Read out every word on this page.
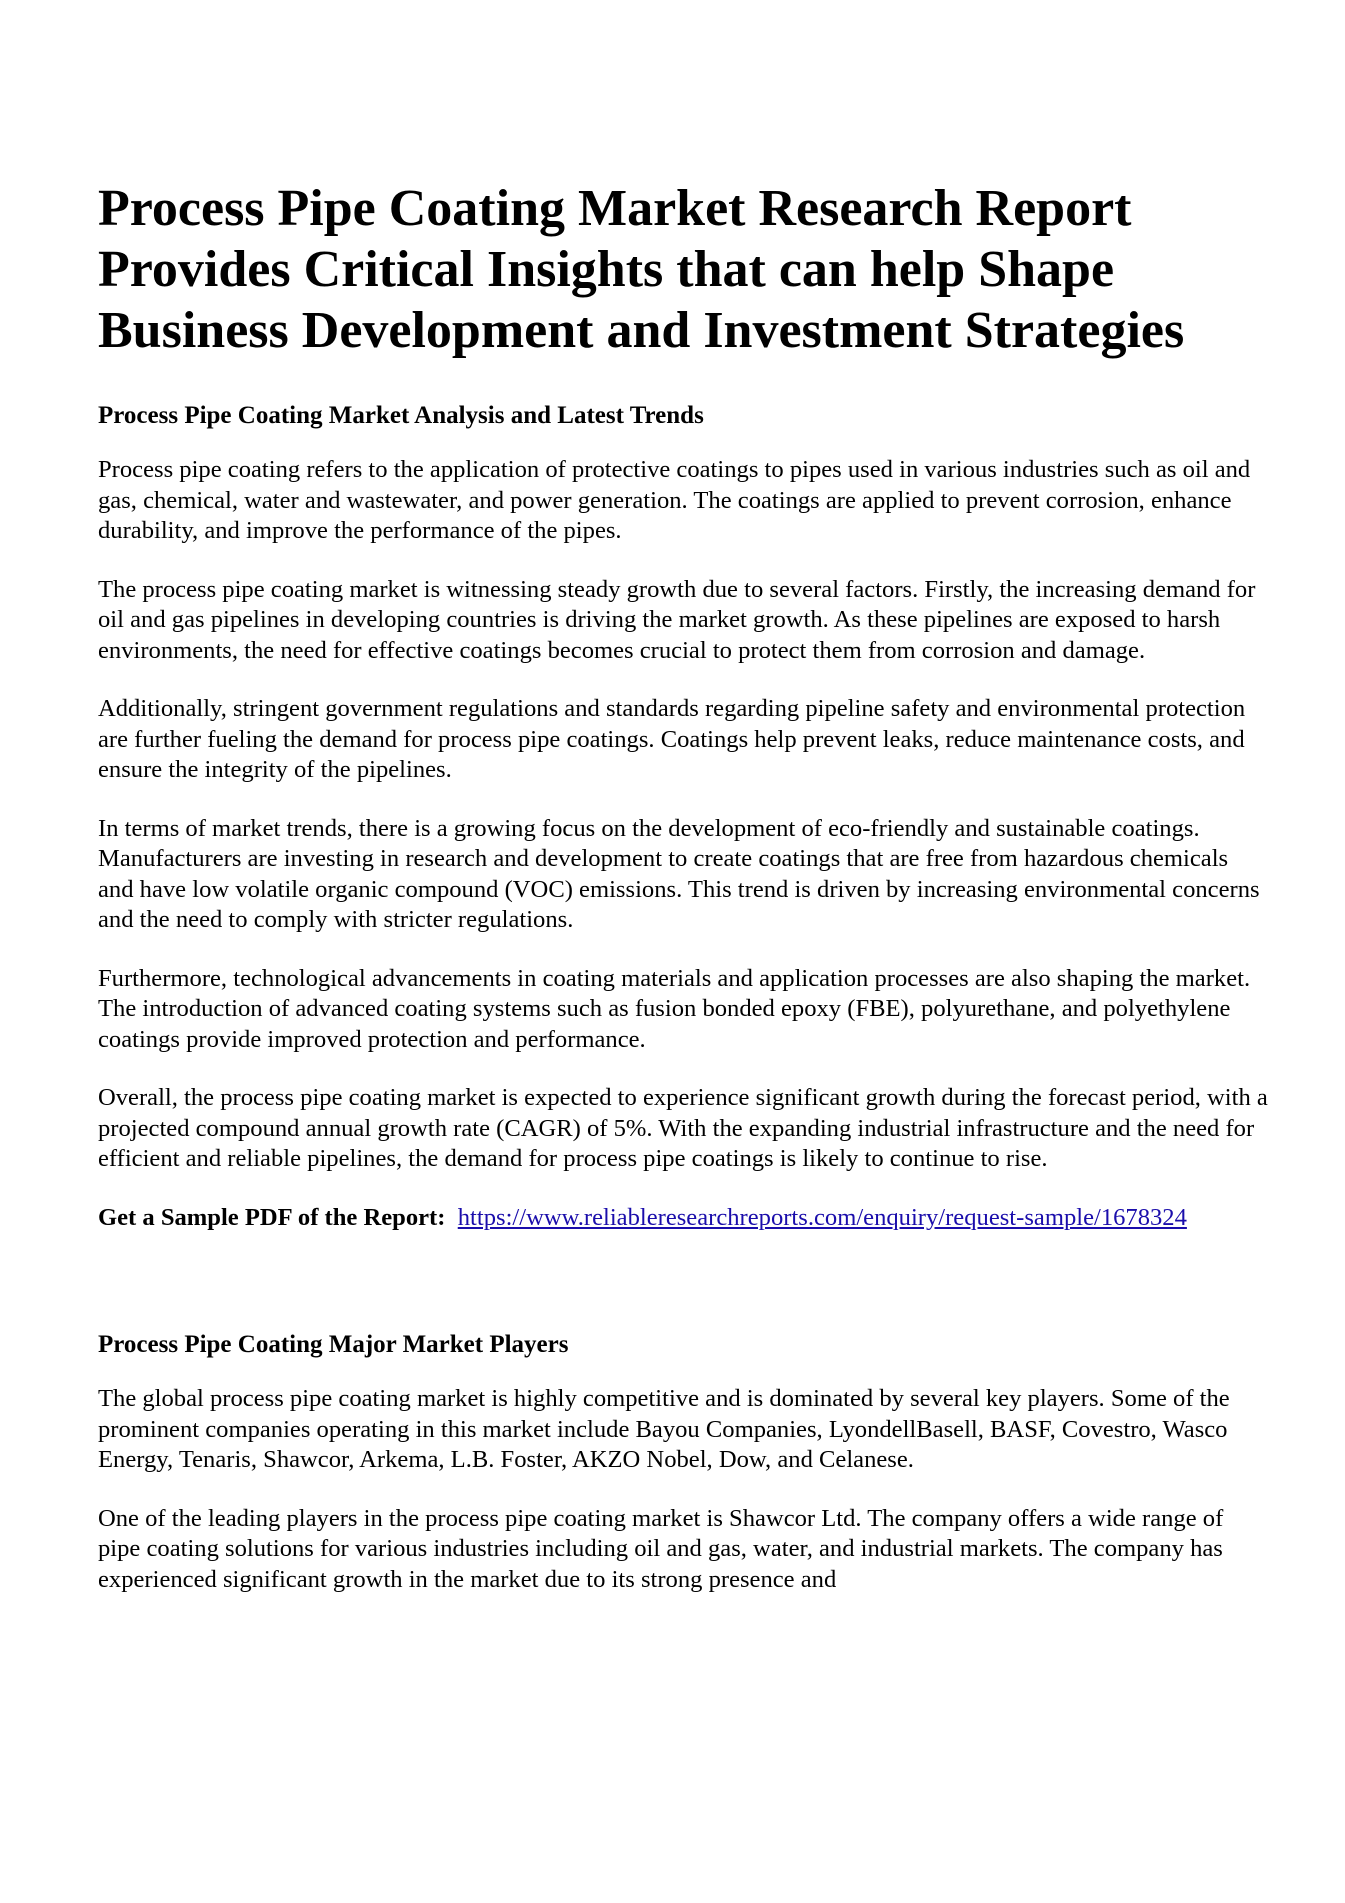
Process Pipe Coating Market Research Report Provides Critical Insights that can help Shape Business Development and Investment Strategies
Process Pipe Coating Market Analysis and Latest Trends

Process pipe coating refers to the application of protective coatings to pipes used in various industries such as oil and gas, chemical, water and wastewater, and power generation. The coatings are applied to prevent corrosion, enhance durability, and improve the performance of the pipes.

The process pipe coating market is witnessing steady growth due to several factors. Firstly, the increasing demand for oil and gas pipelines in developing countries is driving the market growth. As these pipelines are exposed to harsh environments, the need for effective coatings becomes crucial to protect them from corrosion and damage.

Additionally, stringent government regulations and standards regarding pipeline safety and environmental protection are further fueling the demand for process pipe coatings. Coatings help prevent leaks, reduce maintenance costs, and ensure the integrity of the pipelines.

In terms of market trends, there is a growing focus on the development of eco-friendly and sustainable coatings. Manufacturers are investing in research and development to create coatings that are free from hazardous chemicals and have low volatile organic compound (VOC) emissions. This trend is driven by increasing environmental concerns and the need to comply with stricter regulations.

Furthermore, technological advancements in coating materials and application processes are also shaping the market. The introduction of advanced coating systems such as fusion bonded epoxy (FBE), polyurethane, and polyethylene coatings provide improved protection and performance.

Overall, the process pipe coating market is expected to experience significant growth during the forecast period, with a projected compound annual growth rate (CAGR) of 5%. With the expanding industrial infrastructure and the need for efficient and reliable pipelines, the demand for process pipe coatings is likely to continue to rise.

Get a Sample PDF of the Report: https://www.reliableresearchreports.com/enquiry/request-sample/1678324

Process Pipe Coating Major Market Players

The global process pipe coating market is highly competitive and is dominated by several key players. Some of the prominent companies operating in this market include Bayou Companies, LyondellBasell, BASF, Covestro, Wasco Energy, Tenaris, Shawcor, Arkema, L.B. Foster, AKZO Nobel, Dow, and Celanese.

One of the leading players in the process pipe coating market is Shawcor Ltd. The company offers a wide range of pipe coating solutions for various industries including oil and gas, water, and industrial markets. The company has experienced significant growth in the market due to its strong presence and
